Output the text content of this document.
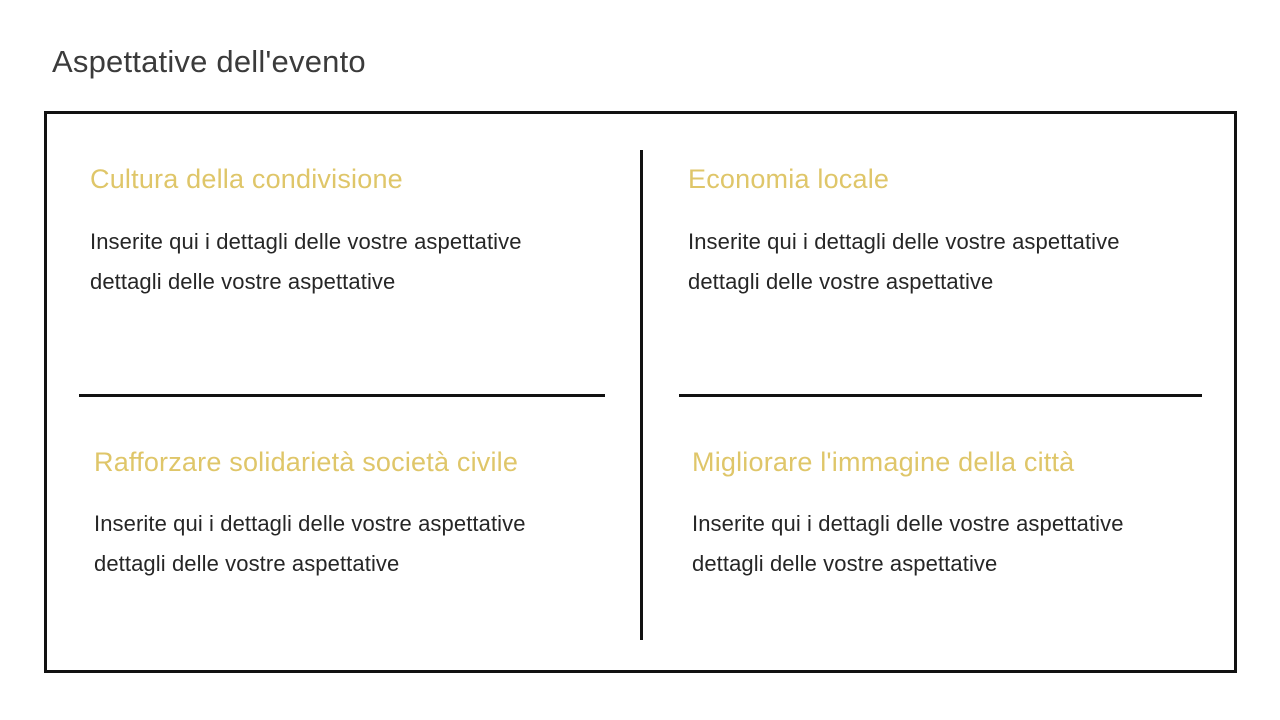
Aspettative dell'evento
Cultura della condivisione

Inserite qui i dettagli delle vostre aspettative
dettagli delle vostre aspettative

Economia locale

Inserite qui i dettagli delle vostre aspettative
dettagli delle vostre aspettative

Rafforzare solidarietà società civile

Inserite qui i dettagli delle vostre aspettative
dettagli delle vostre aspettative

Migliorare l'immagine della città

Inserite qui i dettagli delle vostre aspettative
dettagli delle vostre aspettative
